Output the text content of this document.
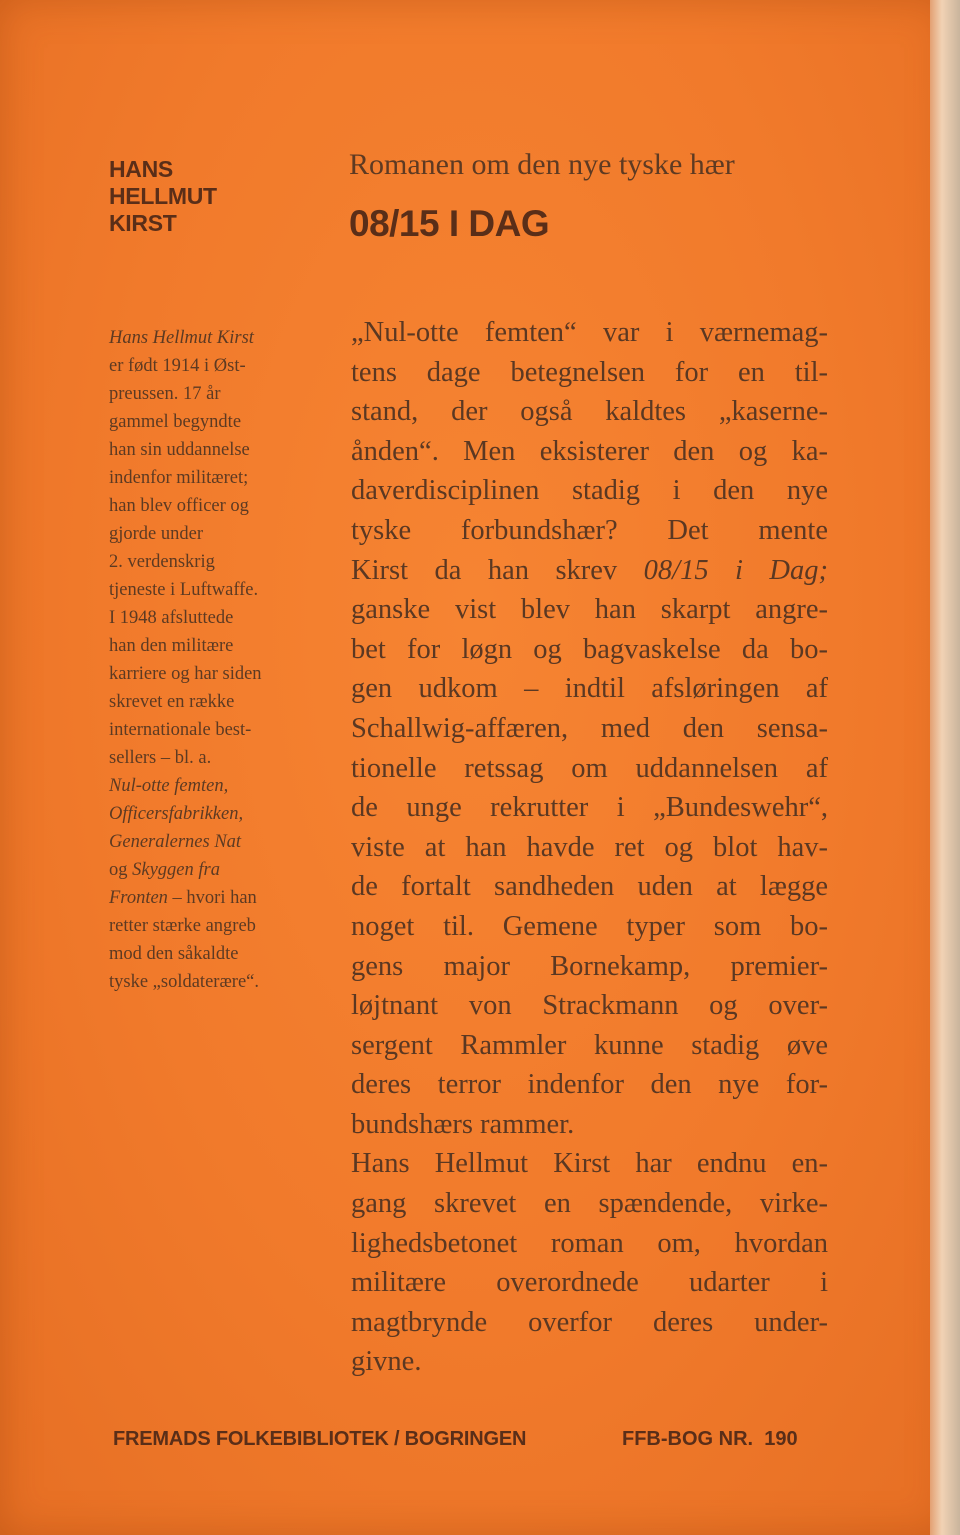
HANS
HELLMUT
KIRST
Romanen om den nye tyske hær
08/15 I DAG
Hans Hellmut Kirst
er født 1914 i Øst-
preussen. 17 år
gammel begyndte
han sin uddannelse
indenfor militæret;
han blev officer og
gjorde under
2. verdenskrig
tjeneste i Luftwaffe.
I 1948 afsluttede
han den militære
karriere og har siden
skrevet en række
internationale best-
sellers – bl. a.
Nul-otte femten,
Officersfabrikken,
Generalernes Nat
og Skyggen fra
Fronten – hvori han
retter stærke angreb
mod den såkaldte
tyske „soldaterære“.
„Nul-otte femten“ var i værnemag-
tens dage betegnelsen for en til-
stand, der også kaldtes „kaserne-
ånden“. Men eksisterer den og ka-
daverdisciplinen stadig i den nye
tyske forbundshær? Det mente
Kirst da han skrev 08/15 i Dag;
ganske vist blev han skarpt angre-
bet for løgn og bagvaskelse da bo-
gen udkom – indtil afsløringen af
Schallwig-affæren, med den sensa-
tionelle retssag om uddannelsen af
de unge rekrutter i „Bundeswehr“,
viste at han havde ret og blot hav-
de fortalt sandheden uden at lægge
noget til. Gemene typer som bo-
gens major Bornekamp, premier-
løjtnant von Strackmann og over-
sergent Rammler kunne stadig øve
deres terror indenfor den nye for-
bundshærs rammer.
Hans Hellmut Kirst har endnu en-
gang skrevet en spændende, virke-
lighedsbetonet roman om, hvordan
militære overordnede udarter i
magtbrynde overfor deres under-
givne.
FREMADS FOLKEBIBLIOTEK / BOGRINGEN	FFB-BOG NR. 190
